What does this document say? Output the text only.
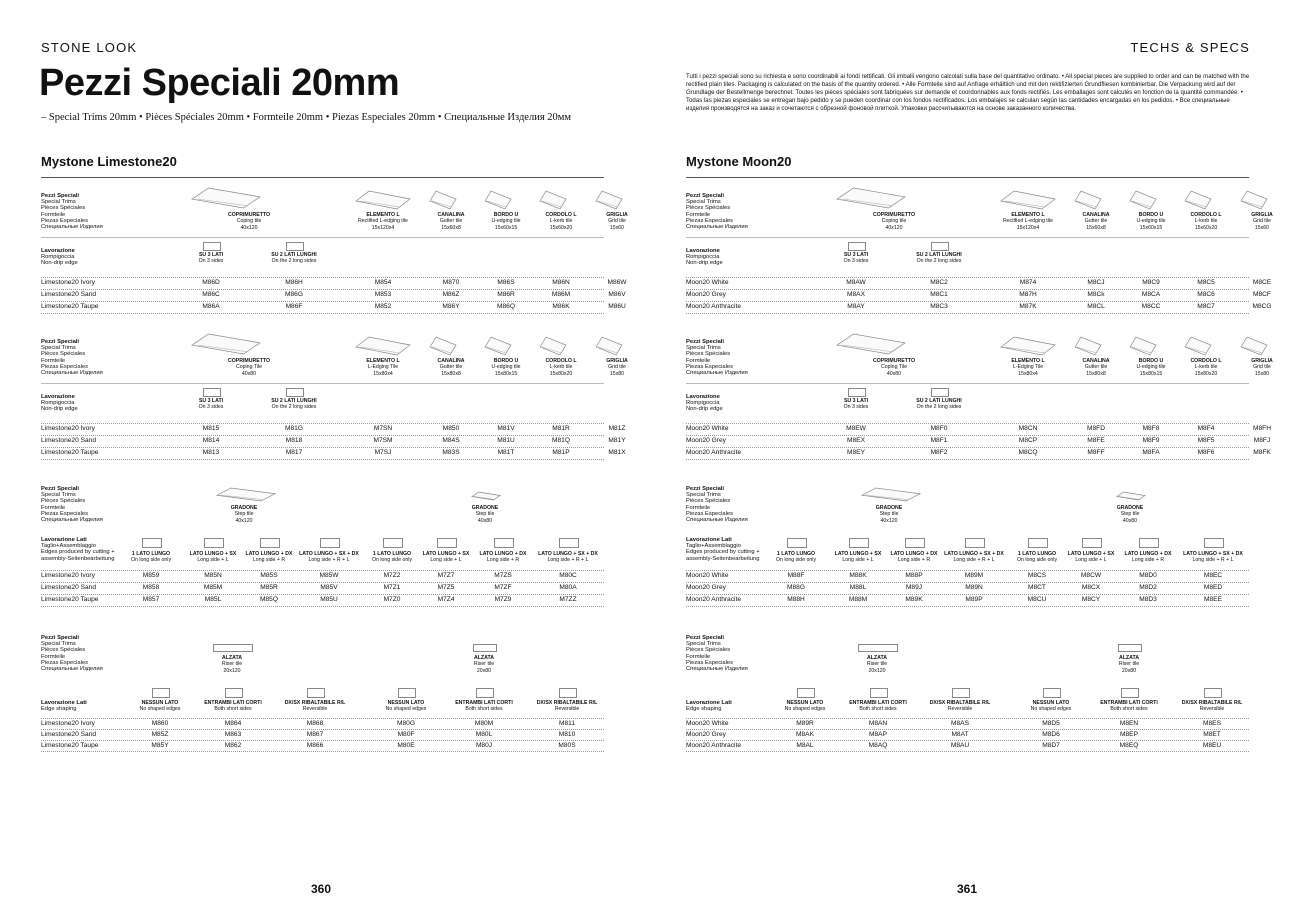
STONE LOOK
Pezzi Speciali 20mm
– Special Trims 20mm • Pièces Spéciales 20mm • Formteile 20mm • Piezas Especiales 20mm • Специальные Изделия 20мм
Mystone Limestone20
Pezzi Speciali
Special Trims
Pièces Spéciales
Formteile
Piezas Especiales
Специальные Изделия
COPRIMURETTO

Coping tile
40x120
ELEMENTO L

Rectified L-edging tile
15x120x4
CANALINA

Gutter tile
15x60x8
BORDO U

U-edging tile
15x60x15
CORDOLO L

L-kerb tile
15x60x20
GRIGLIA

Grid tile
15x60
Lavorazione
Rompigoccia
Non-drip edge
SU 3 LATI

On 3 sides
SU 2 LATI LUNGHI

On the 2 long sides
Limestone20 Ivory	M86D	M86H	M854	M870	M86S	M86N	M86W
Limestone20 Sand	M86C	M86G	M853	M86Z	M86R	M86M	M86V
Limestone20 Taupe	M86A	M86F	M852	M86Y	M86Q	M86K	M86U
Pezzi Speciali
Special Trims
Pièces Spéciales
Formteile
Piezas Especiales
Специальные Изделия
COPRIMURETTO

Coping Tile
40x80
ELEMENTO L

L-Edging Tile
15x80x4
CANALINA

Gutter tile
15x80x8
BORDO U

U-edging tile
15x80x15
CORDOLO L

L-kerb tile
15x80x20
GRIGLIA

Grid tile
15x80
Lavorazione
Rompigoccia
Non-drip edge
SU 3 LATI

On 3 sides
SU 2 LATI LUNGHI

On the 2 long sides
Limestone20 Ivory	M815	M81G	M7SN	M850	M81V	M81R	M81Z
Limestone20 Sand	M814	M818	M7SM	M84S	M81U	M81Q	M81Y
Limestone20 Taupe	M813	M817	M7SJ	M83S	M81T	M81P	M81X
Pezzi Speciali
Special Trims
Pièces Spéciales
Formteile
Piezas Especiales
Специальные Изделия
GRADONE

Step tile
40x120
GRADONE

Step tile
40x80
Lavorazione Lati
Taglio+Assemblaggio
Edges produced by cutting +
assembly-Seitenbearbeitung
1 LATO LUNGO

On long side only
LATO LUNGO + SX

Long side + L
LATO LUNGO + DX

Long side + R
LATO LUNGO + SX + DX

Long side + R + L
1 LATO LUNGO

On long side only
LATO LUNGO + SX

Long side + L
LATO LUNGO + DX

Long side + R
LATO LUNGO + SX + DX

Long side + R + L
Limestone20 Ivory	M859	M85N	M85S	M85W	M7Z2	M7Z7	M7ZS	M80C
Limestone20 Sand	M858	M85M	M85R	M85V	M7Z1	M7Z5	M7ZF	M80A
Limestone20 Taupe	M857	M85L	M85Q	M85U	M7Z0	M7Z4	M7Z9	M7ZZ
Pezzi Speciali
Special Trims
Pièces Spéciales
Formteile
Piezas Especiales
Специальные Изделия
ALZATA

Riser tile
20x120
ALZATA

Riser tile
20x80
Lavorazione Lati
Edge shaping
NESSUN LATO

No shaped edges
ENTRAMBI LATI CORTI

Both short sides
DX/SX RIBALTABILE R/L

Reversible
NESSUN LATO

No shaped edges
ENTRAMBI LATI CORTI

Both short sides
DX/SX RIBALTABILE R/L

Reversible
Limestone20 Ivory	M860	M864	M868	M80G	M80M	M811
Limestone20 Sand	M85Z	M863	M867	M80F	M80L	M810
Limestone20 Taupe	M85Y	M862	M866	M80E	M80J	M80S
360
TECHS & SPECS
Tutti i pezzi speciali sono su richiesta e sono coordinabili ai fondi rettificati. Gli imballi vengono calcolati sulla base del quantitativo ordinato. • All special pieces are supplied to order and can be matched with the rectified plain tiles. Packaging is calculated on the basis of the quantity ordered. • Alle Formteile sind auf Anfrage erhältlich und mit den rektifizierten Grundfliesen kombinierbar. Die Verpackung wird auf der Grundlage der Bestellmenge berechnet. Toutes les pièces spéciales sont fabriquées sur demande et coordonnables aux fonds rectifiés. Les emballages sont calculés en fonction de la quantité commandée. • Todas las piezas especiales se entregan bajo pedido y se pueden coordinar con los fondos rectificados. Los embalajes se calculan según las cantidades encargadas en los pedidos. • Все специальные изделия производятся на заказ и сочетаются с обрезной фоновой плиткой. Упаковки рассчитываются на основе заказанного количества.
Mystone Moon20
Pezzi Speciali
Special Trims
Pièces Spéciales
Formteile
Piezas Especiales
Специальные Изделия
COPRIMURETTO

Coping tile
40x120
ELEMENTO L

Rectified L-edging tile
15x120x4
CANALINA

Gutter tile
15x60x8
BORDO U

U-edging tile
15x60x15
CORDOLO L

L-kerb tile
15x60x20
GRIGLIA

Grid tile
15x60
Lavorazione
Rompigoccia
Non-drip edge
SU 3 LATI

On 3 sides
SU 2 LATI LUNGHI

On the 2 long sides
Moon20 White	M8AW	M8C2	M874	M8CJ	M8C9	M8C5	M8CE
Moon20 Grey	M8AX	M8C1	M87H	M8Ck	M8CA	M8C6	M8CF
Moon20 Anthracite	M8AY	M8C3	M87K	M8CL	M8CC	M8C7	M8CG
Pezzi Speciali
Special Trims
Pièces Spéciales
Formteile
Piezas Especiales
Специальные Изделия
COPRIMURETTO

Coping Tile
40x80
ELEMENTO L

L-Edging Tile
15x80x4
CANALINA

Gutter tile
15x80x8
BORDO U

U-edging tile
15x80x15
CORDOLO L

L-kerb tile
15x80x20
GRIGLIA

Grid tile
15x80
Lavorazione
Rompigoccia
Non-drip edge
SU 3 LATI

On 3 sides
SU 2 LATI LUNGHI

On the 2 long sides
Moon20 White	M8EW	M8F0	M8CN	M8FD	M8F8	M8F4	M8FH
Moon20 Grey	M8EX	M8F1	M8CP	M8FE	M8F9	M8F5	M8FJ
Moon20 Anthracite	M8EY	M8F2	M8CQ	M8FF	M8FA	M8F6	M8FK
Pezzi Speciali
Special Trims
Pièces Spéciales
Formteile
Piezas Especiales
Специальные Изделия
GRADONE

Step tile
40x120
GRADONE

Step tile
40x80
Lavorazione Lati
Taglio+Assemblaggio
Edges produced by cutting +
assembly-Seitenbearbeitung
1 LATO LUNGO

On long side only
LATO LUNGO + SX

Long side + L
LATO LUNGO + DX

Long side + R
LATO LUNGO + SX + DX

Long side + R + L
1 LATO LUNGO

On long side only
LATO LUNGO + SX

Long side + L
LATO LUNGO + DX

Long side + R
LATO LUNGO + SX + DX

Long side + R + L
Moon20 White	M88F	M88K	M88P	M89M	M8CS	M8CW	M8D0	M8EC
Moon20 Grey	M88G	M88L	M89J	M89N	M8CT	M8CX	M8D2	M8ED
Moon20 Anthracite	M88H	M88M	M89K	M89P	M8CU	M8CY	M8D3	M8EE
Pezzi Speciali
Special Trims
Pièces Spéciales
Formteile
Piezas Especiales
Специальные Изделия
ALZATA

Riser tile
20x120
ALZATA

Riser tile
20x80
Lavorazione Lati
Edge shaping
NESSUN LATO

No shaped edges
ENTRAMBI LATI CORTI

Both short sides
DX/SX RIBALTABILE R/L

Reversible
NESSUN LATO

No shaped edges
ENTRAMBI LATI CORTI

Both short sides
DX/SX RIBALTABILE R/L

Reversible
Moon20 White	M89R	M8AN	M8AS	M8D5	M8EN	M8ES
Moon20 Grey	M8AK	M8AP	M8AT	M8D6	M8EP	M8ET
Moon20 Anthracite	M8AL	M8AQ	M8AU	M8D7	M8EQ	M8EU
361
